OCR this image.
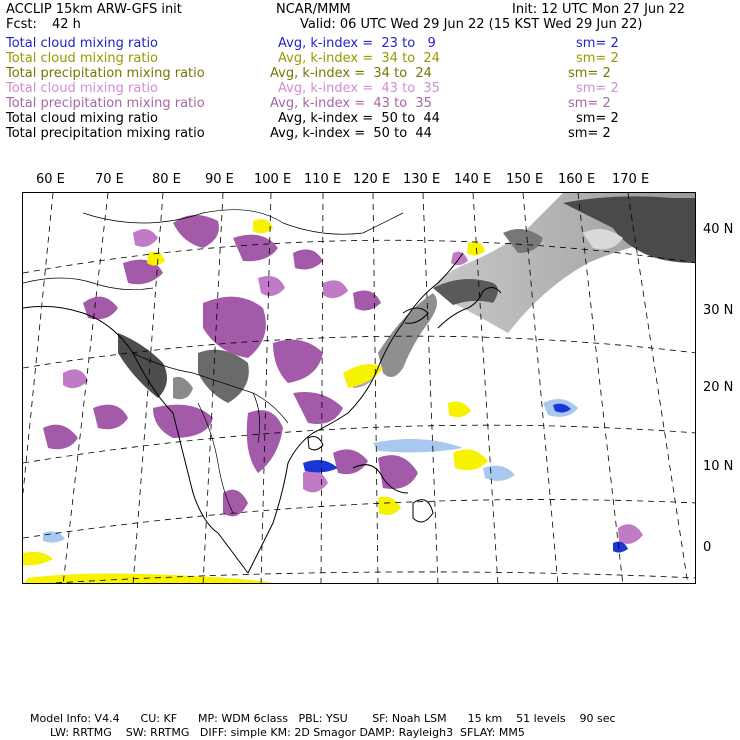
ACCLIP 15km ARW-GFS init	NCAR/MMM	Init: 12 UTC Mon 27 Jun 22
Fcst: 42 h	Valid: 06 UTC Wed 29 Jun 22 (15 KST Wed 29 Jun 22)
Total cloud mixing ratio	Avg, k-index =  23 to   9	sm= 2
Total cloud mixing ratio	Avg, k-index =  34 to  24	sm= 2
Total precipitation mixing ratio	Avg, k-index =  34 to  24	sm= 2
Total cloud mixing ratio	Avg, k-index =  43 to  35	sm= 2
Total precipitation mixing ratio	Avg, k-index =  43 to  35	sm= 2
Total cloud mixing ratio	Avg, k-index =  50 to  44	sm= 2
Total precipitation mixing ratio	Avg, k-index =  50 to  44	sm= 2
60 E 70 E 80 E 90 E 100 E 110 E 120 E 130 E 140 E 150 E 160 E 170 E
40 N
30 N
20 N
10 N
0
Model Info: V4.4      CU: KF      MP: WDM 6class   PBL: YSU       SF: Noah LSM      15 km    51 levels    90 sec
LW: RRTMG    SW: RRTMG   DIFF: simple KM: 2D Smagor DAMP: Rayleigh3  SFLAY: MM5
